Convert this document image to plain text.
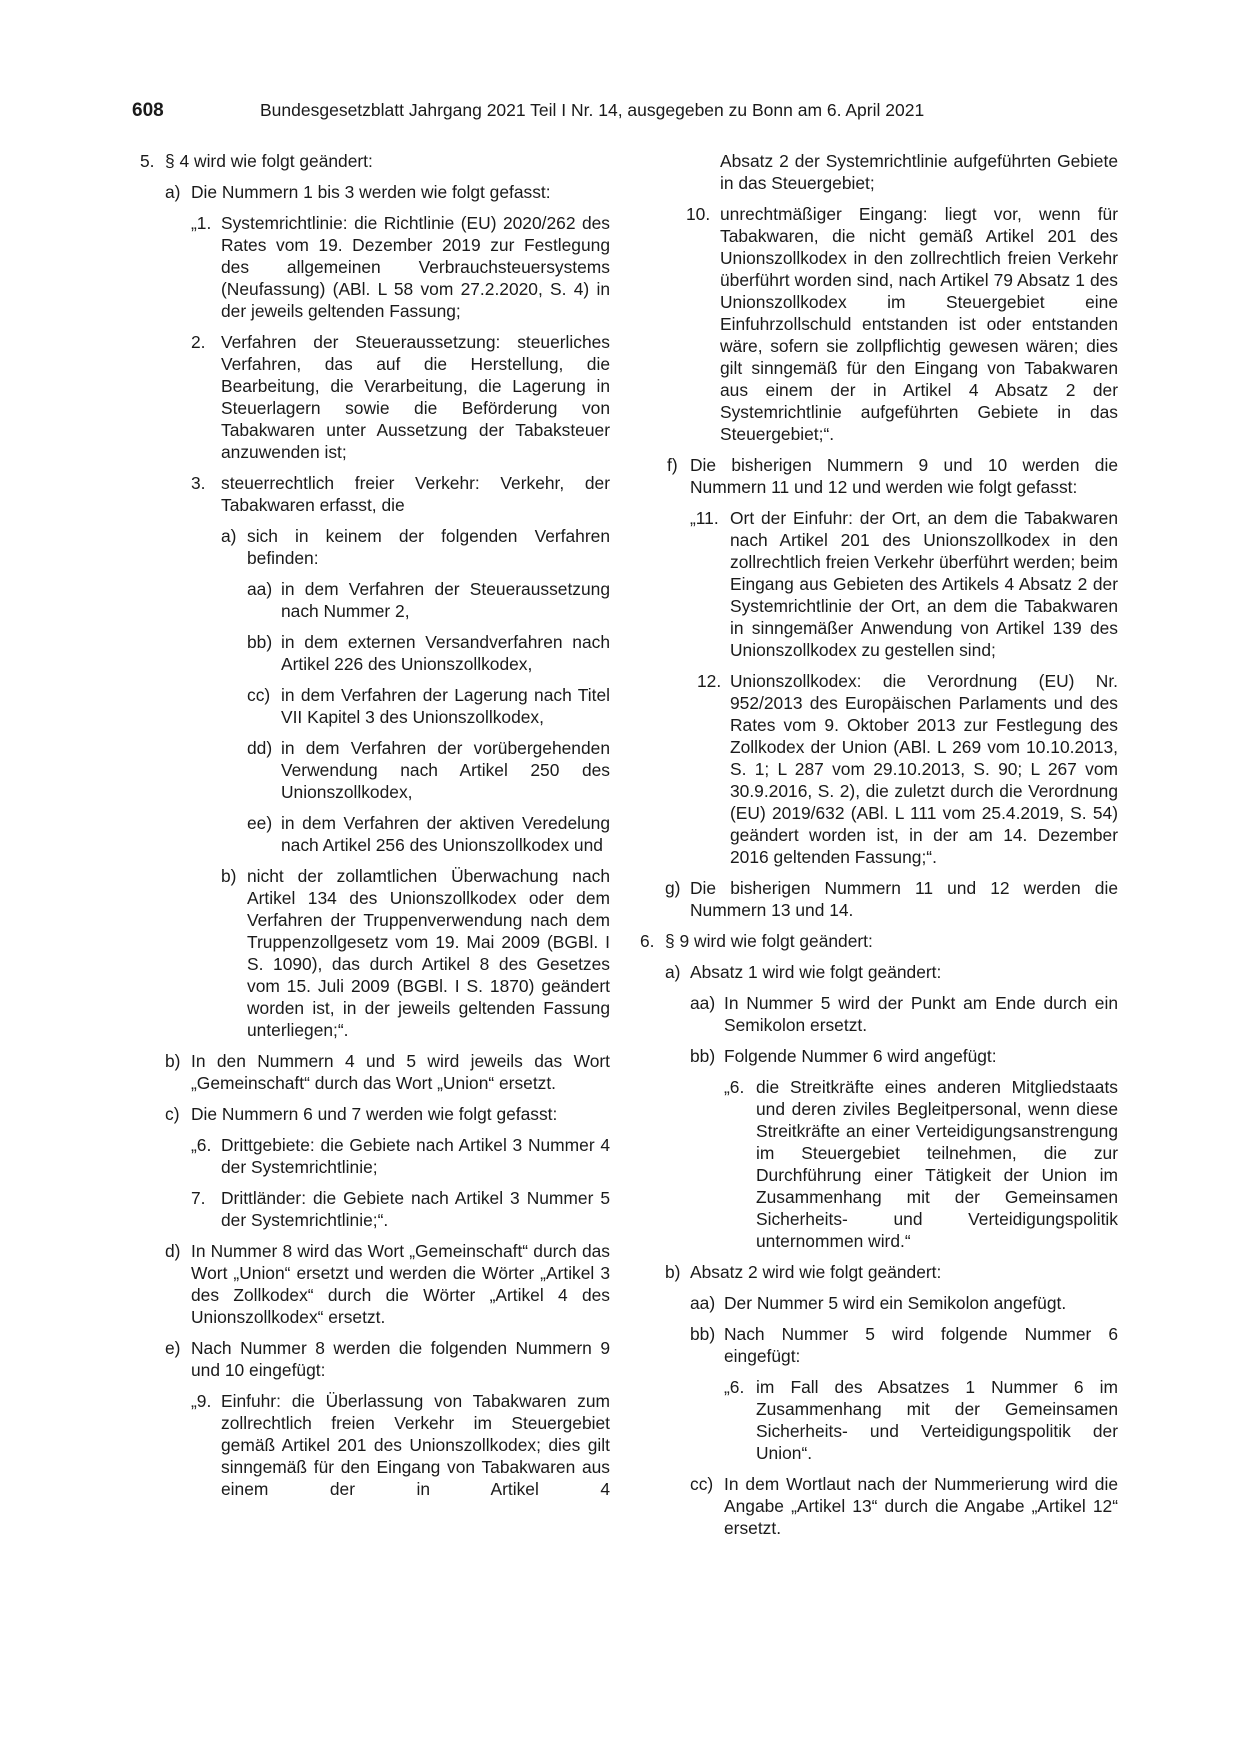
608	Bundesgesetzblatt Jahrgang 2021 Teil I Nr. 14, ausgegeben zu Bonn am 6. April 2021
5. § 4 wird wie folgt geändert:
a) Die Nummern 1 bis 3 werden wie folgt gefasst:
„1. Systemrichtlinie: die Richtlinie (EU) 2020/262 des Rates vom 19. Dezember 2019 zur Festlegung des allgemeinen Verbrauchsteuersystems (Neufassung) (ABl. L 58 vom 27.2.2020, S. 4) in der jeweils geltenden Fassung;
2. Verfahren der Steueraussetzung: steuerliches Verfahren, das auf die Herstellung, die Bearbeitung, die Verarbeitung, die Lagerung in Steuerlagern sowie die Beförderung von Tabakwaren unter Aussetzung der Tabaksteuer anzuwenden ist;
3. steuerrechtlich freier Verkehr: Verkehr, der Tabakwaren erfasst, die
a) sich in keinem der folgenden Verfahren befinden:
aa) in dem Verfahren der Steueraussetzung nach Nummer 2,
bb) in dem externen Versandverfahren nach Artikel 226 des Unionszollkodex,
cc) in dem Verfahren der Lagerung nach Titel VII Kapitel 3 des Unionszollkodex,
dd) in dem Verfahren der vorübergehenden Verwendung nach Artikel 250 des Unionszollkodex,
ee) in dem Verfahren der aktiven Veredelung nach Artikel 256 des Unionszollkodex und
b) nicht der zollamtlichen Überwachung nach Artikel 134 des Unionszollkodex oder dem Verfahren der Truppenverwendung nach dem Truppenzollgesetz vom 19. Mai 2009 (BGBl. I S. 1090), das durch Artikel 8 des Gesetzes vom 15. Juli 2009 (BGBl. I S. 1870) geändert worden ist, in der jeweils geltenden Fassung unterliegen;“.
b) In den Nummern 4 und 5 wird jeweils das Wort „Gemeinschaft“ durch das Wort „Union“ ersetzt.
c) Die Nummern 6 und 7 werden wie folgt gefasst:
„6. Drittgebiete: die Gebiete nach Artikel 3 Nummer 4 der Systemrichtlinie;
7. Drittländer: die Gebiete nach Artikel 3 Nummer 5 der Systemrichtlinie;“.
d) In Nummer 8 wird das Wort „Gemeinschaft“ durch das Wort „Union“ ersetzt und werden die Wörter „Artikel 3 des Zollkodex“ durch die Wörter „Artikel 4 des Unionszollkodex“ ersetzt.
e) Nach Nummer 8 werden die folgenden Nummern 9 und 10 eingefügt:
„9. Einfuhr: die Überlassung von Tabakwaren zum zollrechtlich freien Verkehr im Steuergebiet gemäß Artikel 201 des Unionszollkodex; dies gilt sinngemäß für den Eingang von Tabakwaren aus einem der in Artikel 4
Absatz 2 der Systemrichtlinie aufgeführten Gebiete in das Steuergebiet;
10. unrechtmäßiger Eingang: liegt vor, wenn für Tabakwaren, die nicht gemäß Artikel 201 des Unionszollkodex in den zollrechtlich freien Verkehr überführt worden sind, nach Artikel 79 Absatz 1 des Unionszollkodex im Steuergebiet eine Einfuhrzollschuld entstanden ist oder entstanden wäre, sofern sie zollpflichtig gewesen wären; dies gilt sinngemäß für den Eingang von Tabakwaren aus einem der in Artikel 4 Absatz 2 der Systemrichtlinie aufgeführten Gebiete in das Steuergebiet;“.
f) Die bisherigen Nummern 9 und 10 werden die Nummern 11 und 12 und werden wie folgt gefasst:
„11. Ort der Einfuhr: der Ort, an dem die Tabakwaren nach Artikel 201 des Unionszollkodex in den zollrechtlich freien Verkehr überführt werden; beim Eingang aus Gebieten des Artikels 4 Absatz 2 der Systemrichtlinie der Ort, an dem die Tabakwaren in sinngemäßer Anwendung von Artikel 139 des Unionszollkodex zu gestellen sind;
12. Unionszollkodex: die Verordnung (EU) Nr. 952/2013 des Europäischen Parlaments und des Rates vom 9. Oktober 2013 zur Festlegung des Zollkodex der Union (ABl. L 269 vom 10.10.2013, S. 1; L 287 vom 29.10.2013, S. 90; L 267 vom 30.9.2016, S. 2), die zuletzt durch die Verordnung (EU) 2019/632 (ABl. L 111 vom 25.4.2019, S. 54) geändert worden ist, in der am 14. Dezember 2016 geltenden Fassung;“.
g) Die bisherigen Nummern 11 und 12 werden die Nummern 13 und 14.
6. § 9 wird wie folgt geändert:
a) Absatz 1 wird wie folgt geändert:
aa) In Nummer 5 wird der Punkt am Ende durch ein Semikolon ersetzt.
bb) Folgende Nummer 6 wird angefügt:
„6. die Streitkräfte eines anderen Mitgliedstaats und deren ziviles Begleitpersonal, wenn diese Streitkräfte an einer Verteidigungsanstrengung im Steuergebiet teilnehmen, die zur Durchführung einer Tätigkeit der Union im Zusammenhang mit der Gemeinsamen Sicherheits- und Verteidigungspolitik unternommen wird.“
b) Absatz 2 wird wie folgt geändert:
aa) Der Nummer 5 wird ein Semikolon angefügt.
bb) Nach Nummer 5 wird folgende Nummer 6 eingefügt:
„6. im Fall des Absatzes 1 Nummer 6 im Zusammenhang mit der Gemeinsamen Sicherheits- und Verteidigungspolitik der Union“.
cc) In dem Wortlaut nach der Nummerierung wird die Angabe „Artikel 13“ durch die Angabe „Artikel 12“ ersetzt.
